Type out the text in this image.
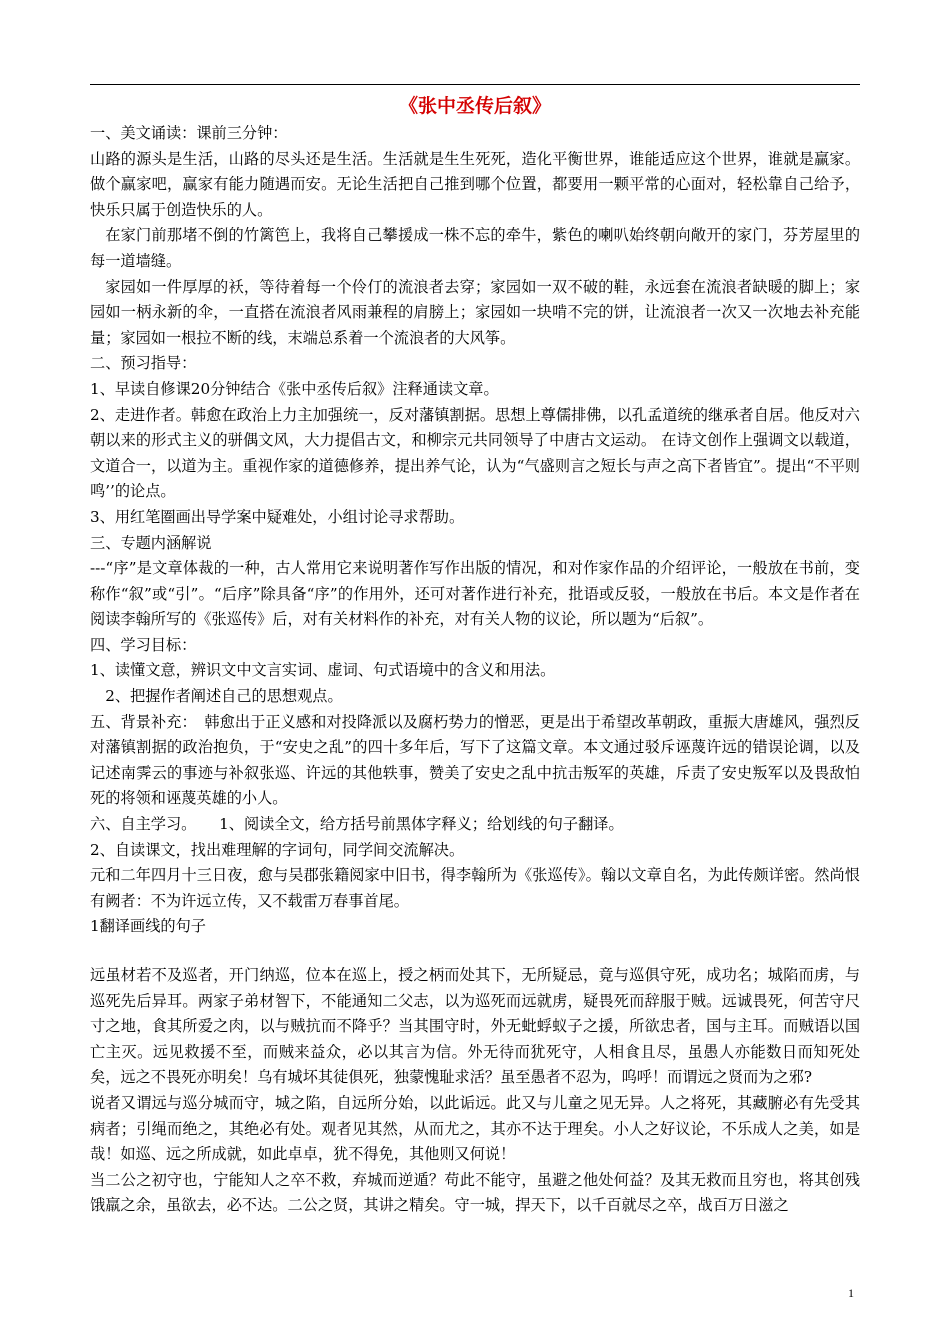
《张中丞传后叙》

一、美文诵读：课前三分钟：

山路的源头是生活，山路的尽头还是生活。生活就是生生死死，造化平衡世界，谁能适应这个世界，谁就是赢家。做个赢家吧，赢家有能力随遇而安。无论生活把自己推到哪个位置，都要用一颗平常的心面对，轻松靠自己给予，快乐只属于创造快乐的人。

在家门前那堵不倒的竹篱笆上，我将自己攀援成一株不忘的牵牛，紫色的喇叭始终朝向敞开的家门，芬芳屋里的每一道墙缝。

家园如一件厚厚的袄，等待着每一个伶仃的流浪者去穿；家园如一双不破的鞋，永远套在流浪者缺暖的脚上；家园如一柄永新的伞，一直搭在流浪者风雨兼程的肩膀上；家园如一块啃不完的饼，让流浪者一次又一次地去补充能量；家园如一根拉不断的线，末端总系着一个流浪者的大风筝。

二、预习指导：

1、早读自修课20分钟结合《张中丞传后叙》注释通读文章。

2、走进作者。韩愈在政治上力主加强统一，反对藩镇割据。思想上尊儒排佛，以孔孟道统的继承者自居。他反对六朝以来的形式主义的骈偶文风，大力提倡古文，和柳宗元共同领导了中唐古文运动。 在诗文创作上强调文以载道，文道合一，以道为主。重视作家的道德修养，提出养气论，认为“气盛则言之短长与声之高下者皆宜”。提出“不平则鸣’’的论点。

3、用红笔圈画出导学案中疑难处，小组讨论寻求帮助。

三、专题内涵解说

---“序”是文章体裁的一种，古人常用它来说明著作写作出版的情况，和对作家作品的介绍评论，一般放在书前，变称作“叙”或“引”。“后序”除具备“序”的作用外，还可对著作进行补充，批语或反驳，一般放在书后。本文是作者在阅读李翰所写的《张巡传》后，对有关材料作的补充，对有关人物的议论，所以题为“后叙”。

四、学习目标：

1、读懂文意，辨识文中文言实词、虚词、句式语境中的含义和用法。

2、把握作者阐述自己的思想观点。

五、背景补充：　韩愈出于正义感和对投降派以及腐朽势力的憎恶，更是出于希望改革朝政，重振大唐雄风，强烈反对藩镇割据的政治抱负，于“安史之乱”的四十多年后，写下了这篇文章。本文通过驳斥诬蔑许远的错误论调，以及记述南霁云的事迹与补叙张巡、许远的其他轶事，赞美了安史之乱中抗击叛军的英雄，斥责了安史叛军以及畏敌怕死的将领和诬蔑英雄的小人。

六、自主学习。　　1、阅读全文，给方括号前黑体字释义；给划线的句子翻译。

2、自读课文，找出难理解的字词句，同学间交流解决。

元和二年四月十三日夜，愈与吴郡张籍阅家中旧书，得李翰所为《张巡传》。翰以文章自名，为此传颇详密。然尚恨有阙者：不为许远立传，又不载雷万春事首尾。

1翻译画线的句子

远虽材若不及巡者，开门纳巡，位本在巡上，授之柄而处其下，无所疑忌，竟与巡俱守死，成功名；城陷而虏，与巡死先后异耳。两家子弟材智下，不能通知二父志，以为巡死而远就虏，疑畏死而辞服于贼。远诚畏死，何苦守尺寸之地，食其所爱之肉，以与贼抗而不降乎？当其围守时，外无蚍蜉蚁子之援，所欲忠者，国与主耳。而贼语以国亡主灭。远见救援不至，而贼来益众，必以其言为信。外无待而犹死守，人相食且尽，虽愚人亦能数日而知死处矣，远之不畏死亦明矣！乌有城坏其徒俱死，独蒙愧耻求活？虽至愚者不忍为，呜呼！而谓远之贤而为之邪?

说者又谓远与巡分城而守，城之陷，自远所分始，以此诟远。此又与儿童之见无异。人之将死，其藏腑必有先受其病者；引绳而绝之，其绝必有处。观者见其然，从而尤之，其亦不达于理矣。小人之好议论，不乐成人之美，如是哉！如巡、远之所成就，如此卓卓，犹不得免，其他则又何说！

当二公之初守也，宁能知人之卒不救，弃城而逆遁？苟此不能守，虽避之他处何益？及其无救而且穷也，将其创残饿羸之余，虽欲去，必不达。二公之贤，其讲之精矣。守一城，捍天下，以千百就尽之卒，战百万日滋之

1
